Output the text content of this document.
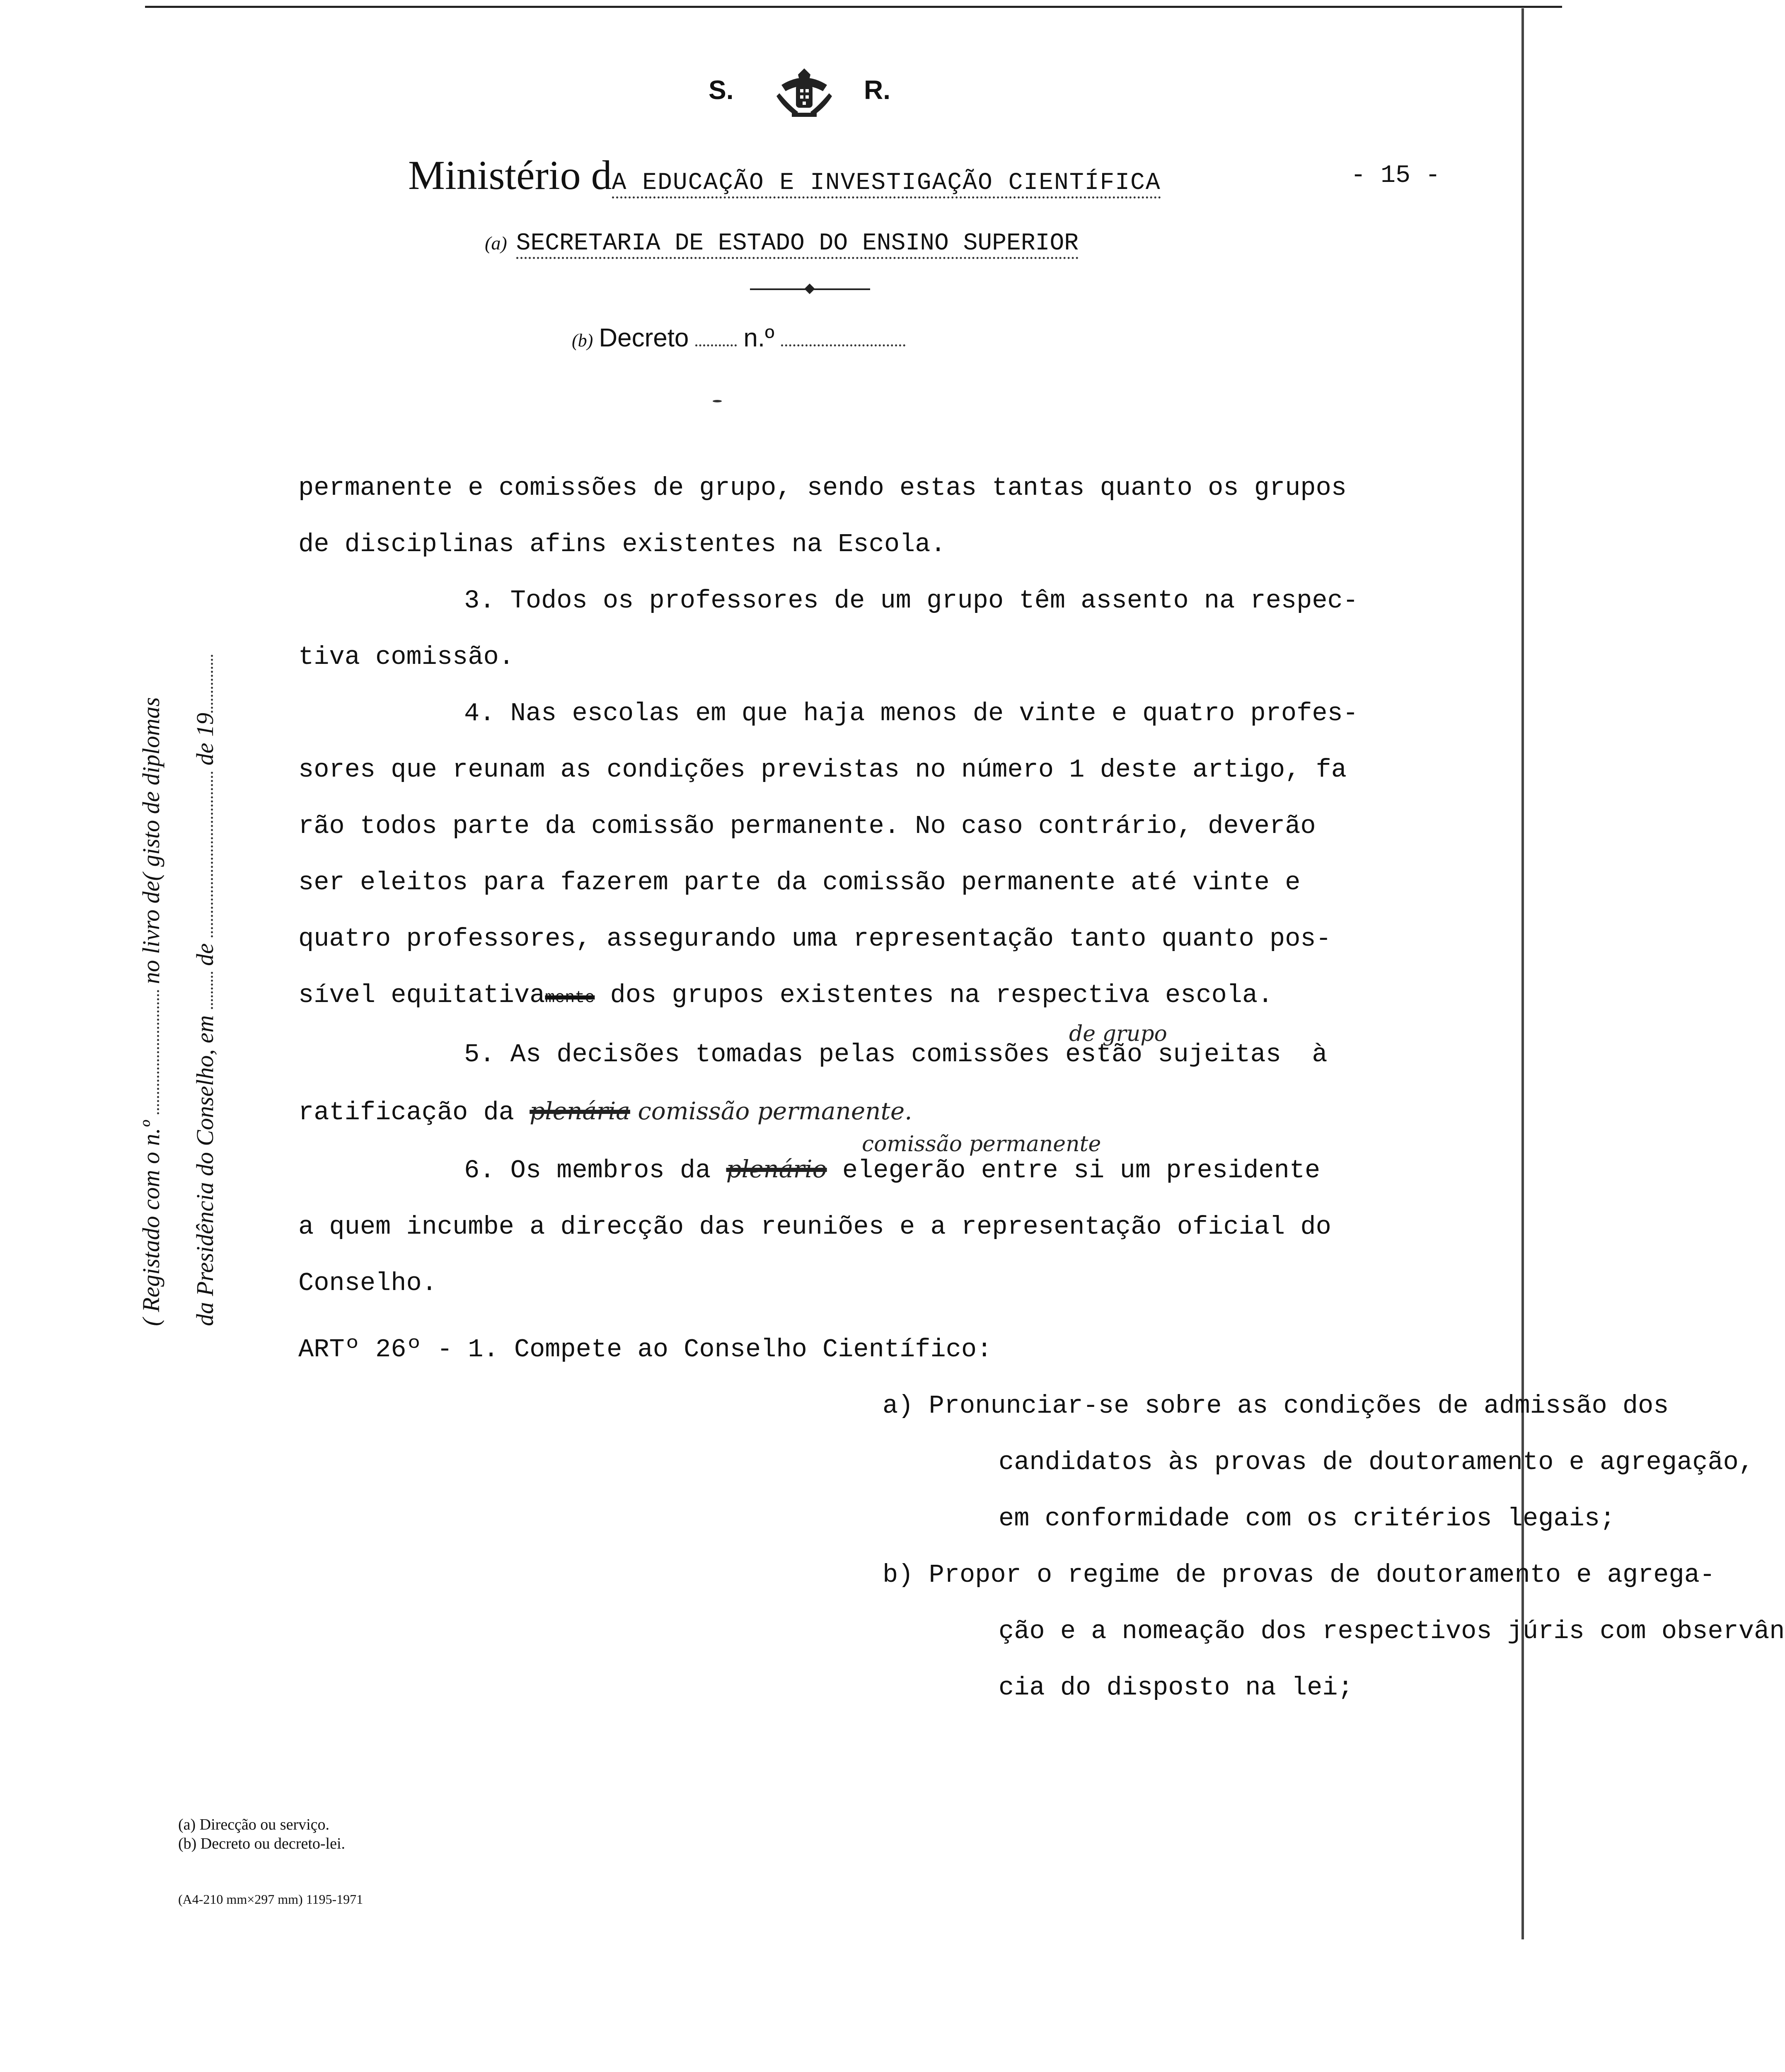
S.	R.
Ministério dA EDUCAÇÃO E INVESTIGAÇÃO CIENTÍFICA	- 15 -
(a) SECRETARIA DE ESTADO DO ENSINO SUPERIOR
(b) Decreto n.º
( Registado com o n.º  no livro de( gisto de diplomas
da Presidência do Conselho, em  de  de 19

permanente e comissões de grupo, sendo estas tantas quanto os grupos

de disciplinas afins existentes na Escola.

3. Todos os professores de um grupo têm assento na respec-

tiva comissão.

4. Nas escolas em que haja menos de vinte e quatro profes-

sores que reunam as condições previstas no número 1 deste artigo, fa

rão todos parte da comissão permanente. No caso contrário, deverão

ser eleitos para fazerem parte da comissão permanente até vinte e

quatro professores, assegurando uma representação tanto quanto pos-

sível equitativamente dos grupos existentes na respectiva escola.

de grupo
5. As decisões tomadas pelas comissões estão sujeitas  à

ratificação da plenária comissão permanente.

comissão permanente
6. Os membros da plenário elegerão entre si um presidente

a quem incumbe a direcção das reuniões e a representação oficial do

Conselho.

ARTº 26º - 1. Compete ao Conselho Científico:

a) Pronunciar-se sobre as condições de admissão dos

candidatos às provas de doutoramento e agregação,

em conformidade com os critérios legais;

b) Propor o regime de provas de doutoramento e agrega-

ção e a nomeação dos respectivos júris com observân

cia do disposto na lei;

(a) Direcção ou serviço.
(b) Decreto ou decreto-lei.
(A4-210 mm×297 mm) 1195-1971
